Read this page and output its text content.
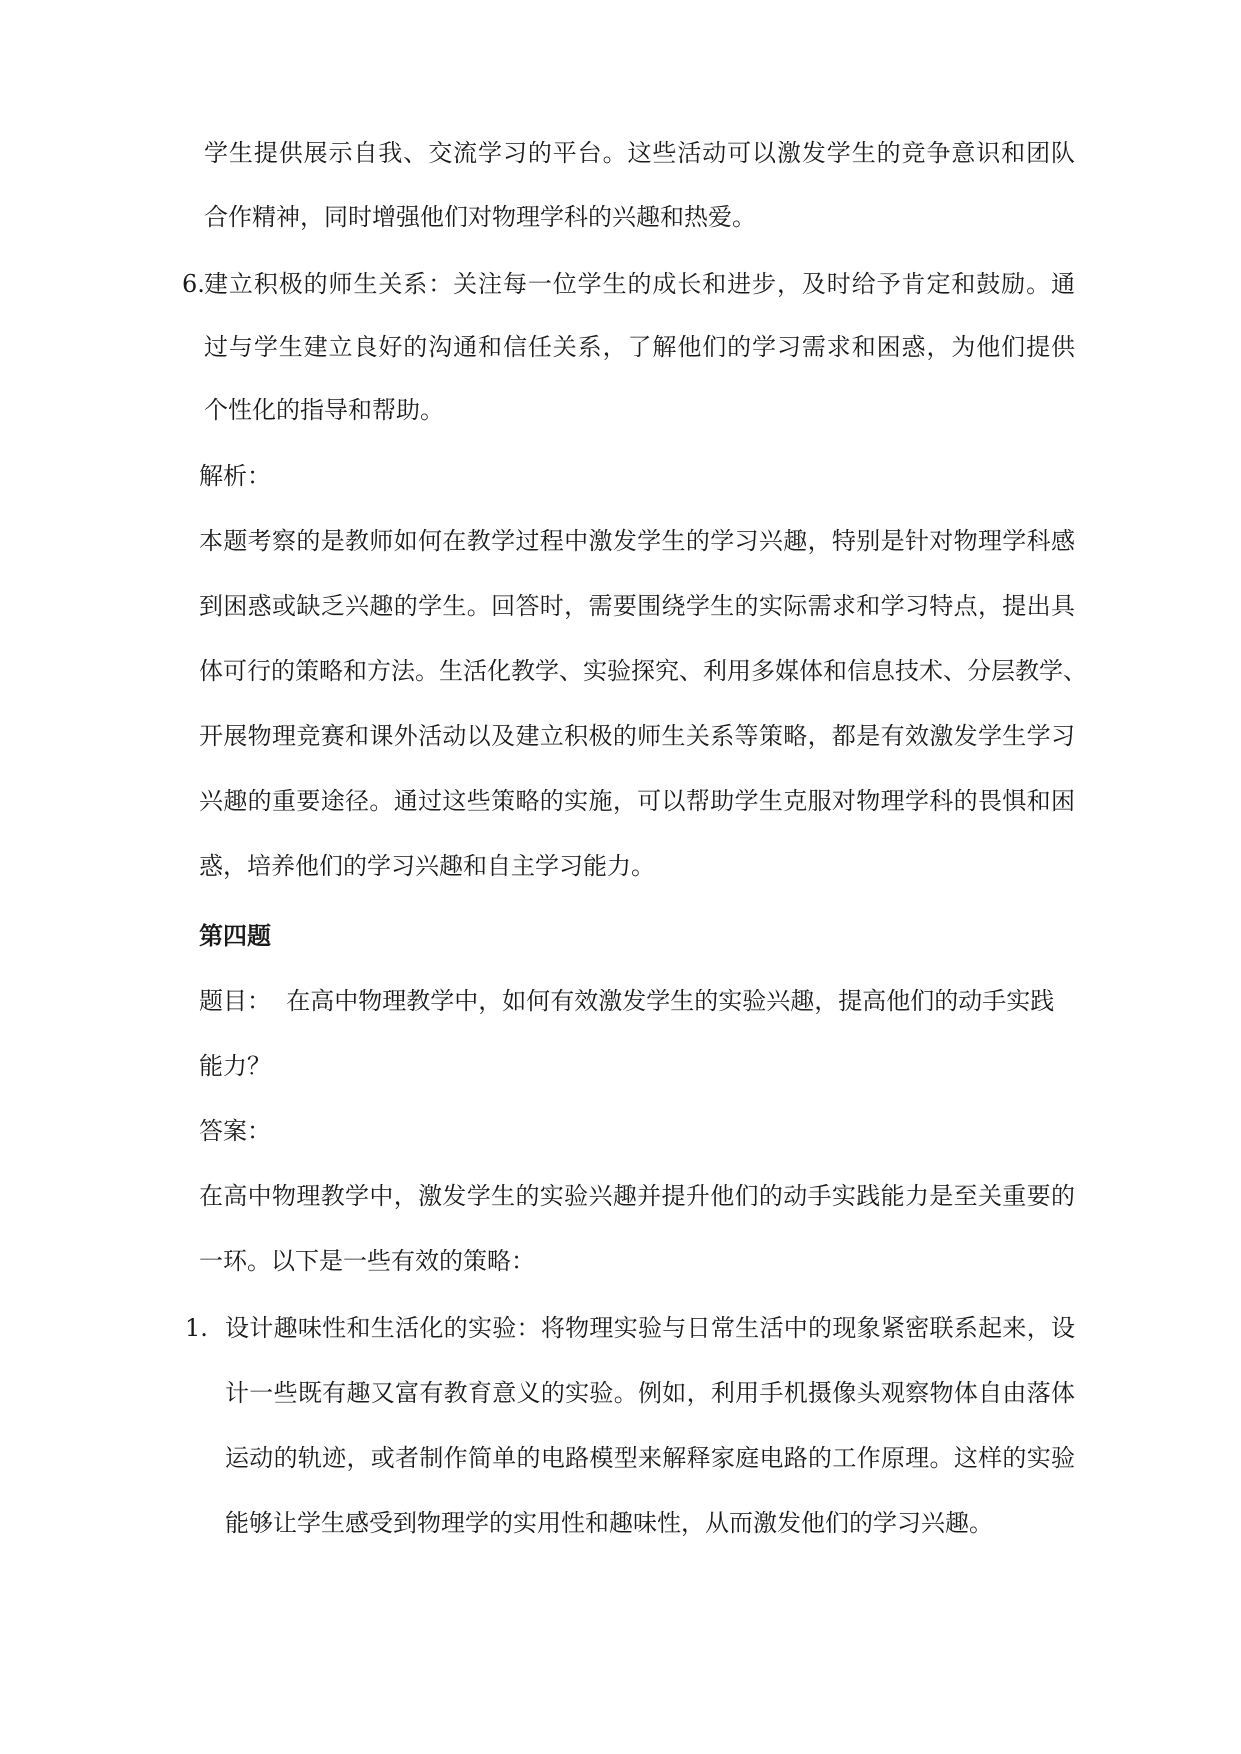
学生提供展示自我、交流学习的平台。这些活动可以激发学生的竞争意识和团队
合作精神，同时增强他们对物理学科的兴趣和热爱。
6. 建立积极的师生关系：关注每一位学生的成长和进步，及时给予肯定和鼓励。通
过与学生建立良好的沟通和信任关系，了解他们的学习需求和困惑，为他们提供
个性化的指导和帮助。
解析：
本题考察的是教师如何在教学过程中激发学生的学习兴趣，特别是针对物理学科感
到困惑或缺乏兴趣的学生。回答时，需要围绕学生的实际需求和学习特点，提出具
体可行的策略和方法。生活化教学、实验探究、利用多媒体和信息技术、分层教学、
开展物理竞赛和课外活动以及建立积极的师生关系等策略，都是有效激发学生学习
兴趣的重要途径。通过这些策略的实施，可以帮助学生克服对物理学科的畏惧和困
惑，培养他们的学习兴趣和自主学习能力。
第四题
题目：  在高中物理教学中，如何有效激发学生的实验兴趣，提高他们的动手实践
能力？
答案：
在高中物理教学中，激发学生的实验兴趣并提升他们的动手实践能力是至关重要的
一环。以下是一些有效的策略：
1. 设计趣味性和生活化的实验：将物理实验与日常生活中的现象紧密联系起来，设
计一些既有趣又富有教育意义的实验。例如，利用手机摄像头观察物体自由落体
运动的轨迹，或者制作简单的电路模型来解释家庭电路的工作原理。这样的实验
能够让学生感受到物理学的实用性和趣味性，从而激发他们的学习兴趣。
